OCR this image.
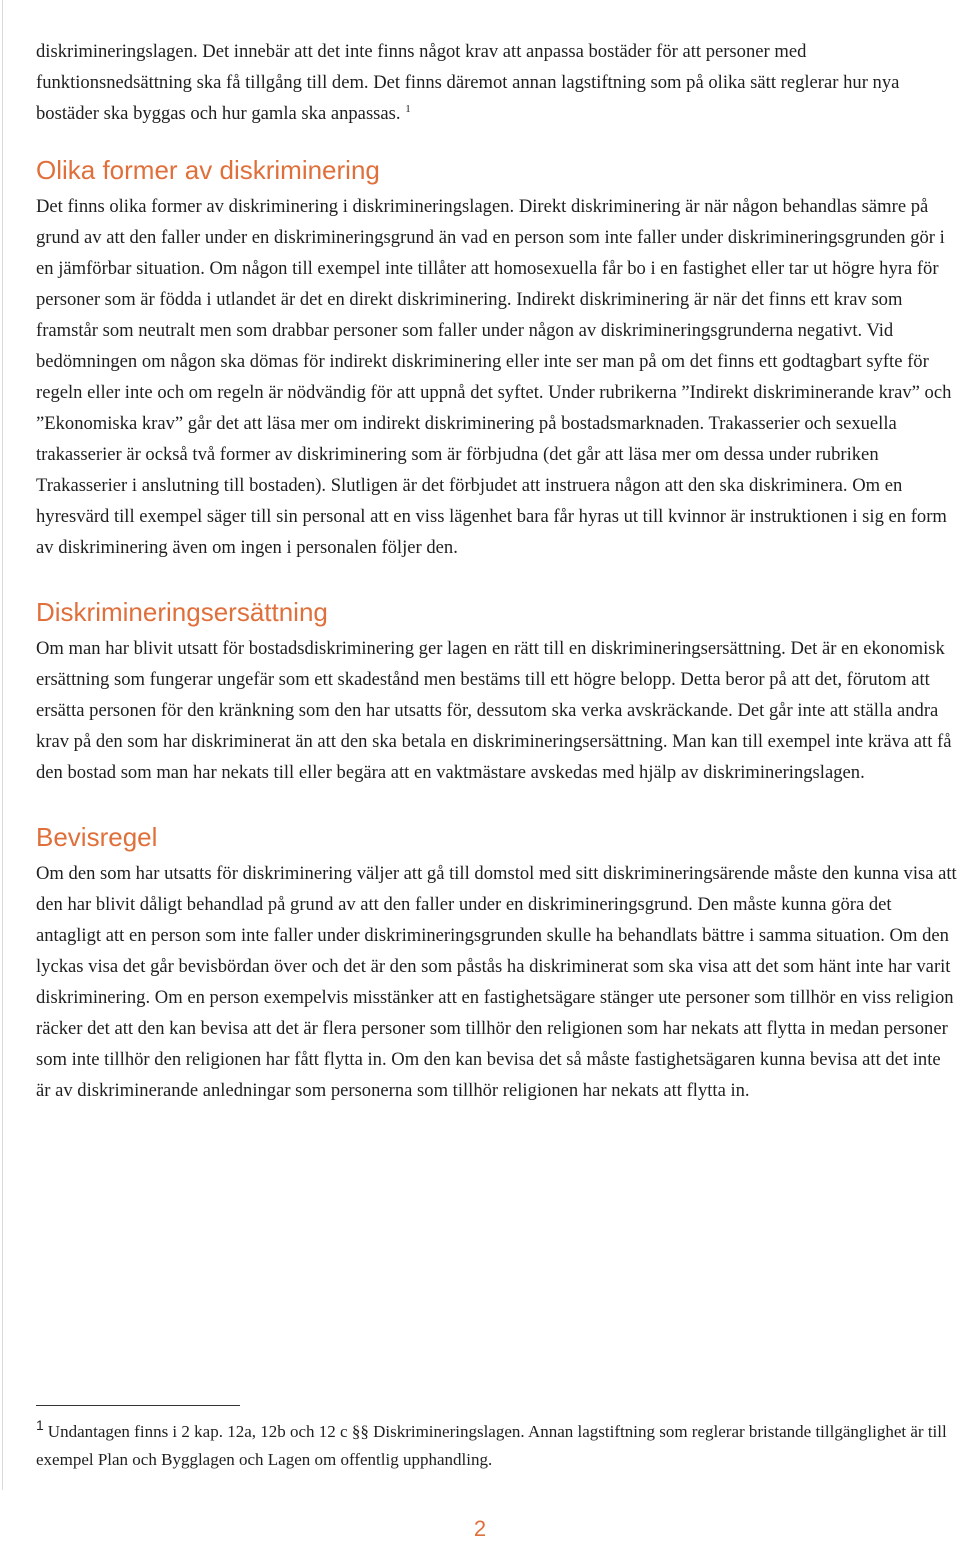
diskrimineringslagen. Det innebär att det inte finns något krav att anpassa bostäder för att personer med funktionsnedsättning ska få tillgång till dem. Det finns däremot annan lagstiftning som på olika sätt reglerar hur nya bostäder ska byggas och hur gamla ska anpassas. $^1$

Olika former av diskriminering

Det finns olika former av diskriminering i diskrimineringslagen. Direkt diskriminering är när någon behandlas sämre på grund av att den faller under en diskrimineringsgrund än vad en person som inte faller under diskrimineringsgrunden gör i en jämförbar situation. Om någon till exempel inte tillåter att homosexuella får bo i en fastighet eller tar ut högre hyra för personer som är födda i utlandet är det en direkt diskriminering. Indirekt diskriminering är när det finns ett krav som framstår som neutralt men som drabbar personer som faller under någon av diskrimineringsgrunderna negativt. Vid bedömningen om någon ska dömas för indirekt diskriminering eller inte ser man på om det finns ett godtagbart syfte för regeln eller inte och om regeln är nödvändig för att uppnå det syftet. Under rubrikerna ”Indirekt diskriminerande krav” och ”Ekonomiska krav” går det att läsa mer om indirekt diskriminering på bostadsmarknaden. Trakasserier och sexuella trakasserier är också två former av diskriminering som är förbjudna (det går att läsa mer om dessa under rubriken Trakasserier i anslutning till bostaden). Slutligen är det förbjudet att instruera någon att den ska diskriminera. Om en hyresvärd till exempel säger till sin personal att en viss lägenhet bara får hyras ut till kvinnor är instruktionen i sig en form av diskriminering även om ingen i personalen följer den.

Diskrimineringsersättning

Om man har blivit utsatt för bostadsdiskriminering ger lagen en rätt till en diskrimineringsersättning. Det är en ekonomisk ersättning som fungerar ungefär som ett skadestånd men bestäms till ett högre belopp. Detta beror på att det, förutom att ersätta personen för den kränkning som den har utsatts för, dessutom ska verka avskräckande. Det går inte att ställa andra krav på den som har diskriminerat än att den ska betala en diskrimineringsersättning. Man kan till exempel inte kräva att få den bostad som man har nekats till eller begära att en vaktmästare avskedas med hjälp av diskrimineringslagen.

Bevisregel

Om den som har utsatts för diskriminering väljer att gå till domstol med sitt diskrimineringsärende måste den kunna visa att den har blivit dåligt behandlad på grund av att den faller under en diskrimineringsgrund. Den måste kunna göra det antagligt att en person som inte faller under diskrimineringsgrunden skulle ha behandlats bättre i samma situation. Om den lyckas visa det går bevisbördan över och det är den som påstås ha diskriminerat som ska visa att det som hänt inte har varit diskriminering. Om en person exempelvis misstänker att en fastighetsägare stänger ute personer som tillhör en viss religion räcker det att den kan bevisa att det är flera personer som tillhör den religionen som har nekats att flytta in medan personer som inte tillhör den religionen har fått flytta in. Om den kan bevisa det så måste fastighetsägaren kunna bevisa att det inte är av diskriminerande anledningar som personerna som tillhör religionen har nekats att flytta in.

$^1$ Undantagen finns i 2 kap. 12a, 12b och 12 c §§ Diskrimineringslagen. Annan lagstiftning som reglerar bristande tillgänglighet är till exempel Plan och Bygglagen och Lagen om offentlig upphandling.

2
